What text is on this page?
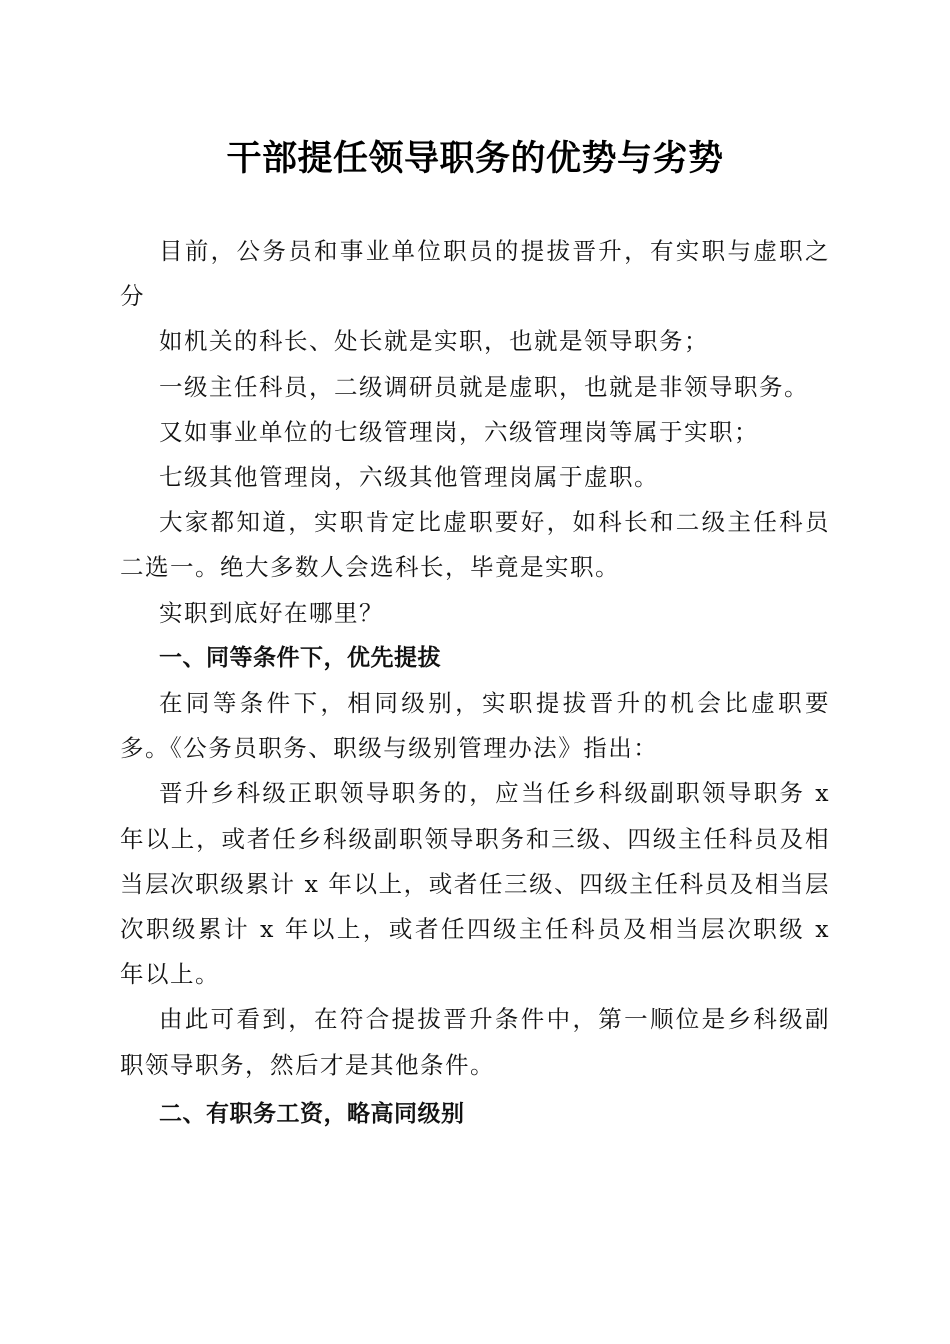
干部提任领导职务的优势与劣势

目前，公务员和事业单位职员的提拔晋升，有实职与虚职之分

如机关的科长、处长就是实职，也就是领导职务；

一级主任科员，二级调研员就是虚职，也就是非领导职务。

又如事业单位的七级管理岗，六级管理岗等属于实职；

七级其他管理岗，六级其他管理岗属于虚职。

大家都知道，实职肯定比虚职要好，如科长和二级主任科员二选一。绝大多数人会选科长，毕竟是实职。

实职到底好在哪里？

一、同等条件下，优先提拔

在同等条件下，相同级别，实职提拔晋升的机会比虚职要多。《公务员职务、职级与级别管理办法》指出：

晋升乡科级正职领导职务的，应当任乡科级副职领导职务 x 年以上，或者任乡科级副职领导职务和三级、四级主任科员及相当层次职级累计 x 年以上，或者任三级、四级主任科员及相当层次职级累计 x 年以上，或者任四级主任科员及相当层次职级 x 年以上。

由此可看到，在符合提拔晋升条件中，第一顺位是乡科级副职领导职务，然后才是其他条件。

二、有职务工资，略高同级别
